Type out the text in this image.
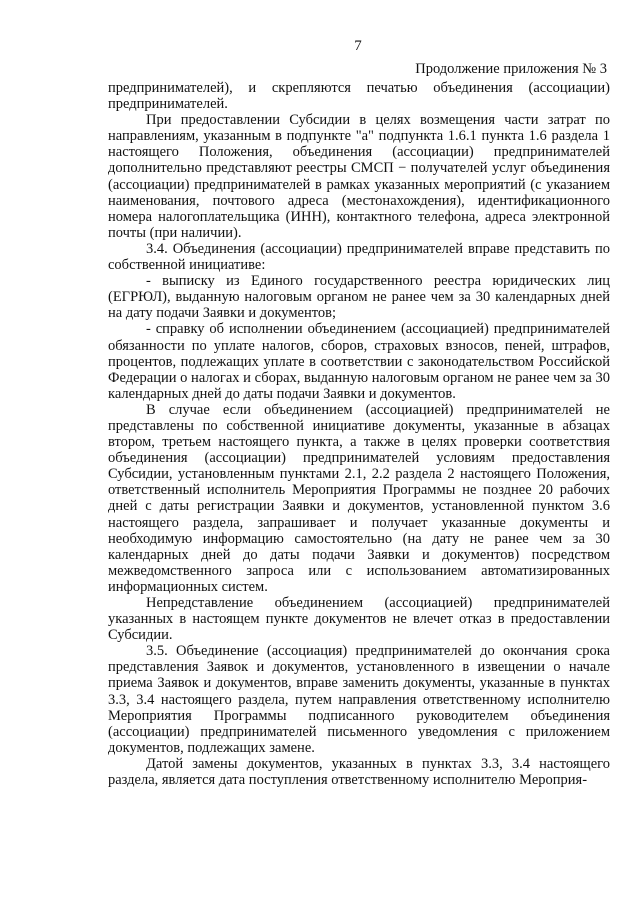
7
Продолжение приложения № 3

предпринимателей), и скрепляются печатью объединения (ассоциации) предпринимателей.

При предоставлении Субсидии в целях возмещения части затрат по направлениям, указанным в подпункте "а" подпункта 1.6.1 пункта 1.6 раздела 1 настоящего Положения, объединения (ассоциации) предпринимателей дополнительно представляют реестры СМСП − получателей услуг объединения (ассоциации) предпринимателей в рамках указанных мероприятий (с указанием наименования, почтового адреса (местонахождения), идентификационного номера налогоплательщика (ИНН), контактного телефона, адреса электронной почты (при наличии).

3.4. Объединения (ассоциации) предпринимателей вправе представить по собственной инициативе:

- выписку из Единого государственного реестра юридических лиц (ЕГРЮЛ), выданную налоговым органом не ранее чем за 30 календарных дней на дату подачи Заявки и документов;

- справку об исполнении объединением (ассоциацией) предпринимателей обязанности по уплате налогов, сборов, страховых взносов, пеней, штрафов, процентов, подлежащих уплате в соответствии с законодательством Российской Федерации о налогах и сборах, выданную налоговым органом не ранее чем за 30 календарных дней до даты подачи Заявки и документов.

В случае если объединением (ассоциацией) предпринимателей не представлены по собственной инициативе документы, указанные в абзацах втором, третьем настоящего пункта, а также в целях проверки соответствия объединения (ассоциации) предпринимателей условиям предоставления Субсидии, установленным пунктами 2.1, 2.2 раздела 2 настоящего Положения, ответственный исполнитель Мероприятия Программы не позднее 20 рабочих дней с даты регистрации Заявки и документов, установленной пунктом 3.6 настоящего раздела, запрашивает и получает указанные документы и необходимую информацию самостоятельно (на дату не ранее чем за 30 календарных дней до даты подачи Заявки и документов) посредством межведомственного запроса или с использованием автоматизированных информационных систем.

Непредставление объединением (ассоциацией) предпринимателей указанных в настоящем пункте документов не влечет отказ в предоставлении Субсидии.

3.5. Объединение (ассоциация) предпринимателей до окончания срока представления Заявок и документов, установленного в извещении о начале приема Заявок и документов, вправе заменить документы, указанные в пунктах 3.3, 3.4 настоящего раздела, путем направления ответственному исполнителю Мероприятия Программы подписанного руководителем объединения (ассоциации) предпринимателей письменного уведомления с приложением документов, подлежащих замене.

Датой замены документов, указанных в пунктах 3.3, 3.4 настоящего раздела, является дата поступления ответственному исполнителю Мероприя-
